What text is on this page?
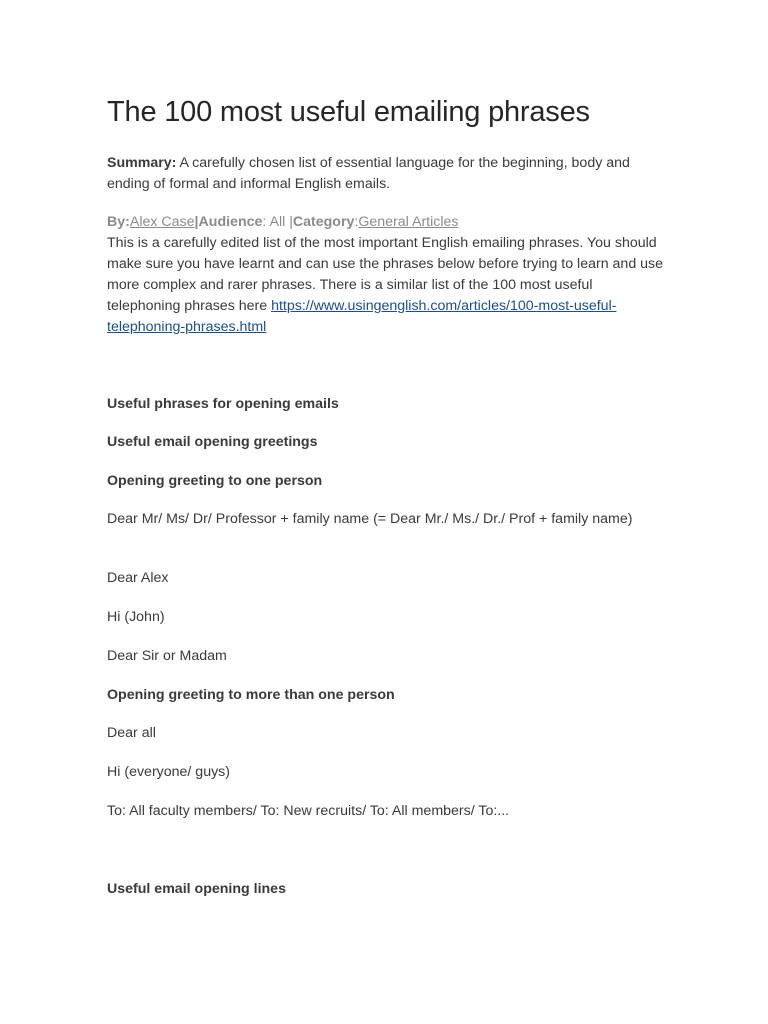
The 100 most useful emailing phrases
Summary: A carefully chosen list of essential language for the beginning, body and ending of formal and informal English emails.
By:Alex Case|Audience: All |Category:General Articles
This is a carefully edited list of the most important English emailing phrases. You should make sure you have learnt and can use the phrases below before trying to learn and use more complex and rarer phrases. There is a similar list of the 100 most useful telephoning phrases here https://www.usingenglish.com/articles/100-most-useful-telephoning-phrases.html
Useful phrases for opening emails
Useful email opening greetings
Opening greeting to one person
Dear Mr/ Ms/ Dr/ Professor + family name (= Dear Mr./ Ms./ Dr./ Prof + family name)
Dear Alex
Hi (John)
Dear Sir or Madam
Opening greeting to more than one person
Dear all
Hi (everyone/ guys)
To: All faculty members/ To: New recruits/ To: All members/ To:...
Useful email opening lines
